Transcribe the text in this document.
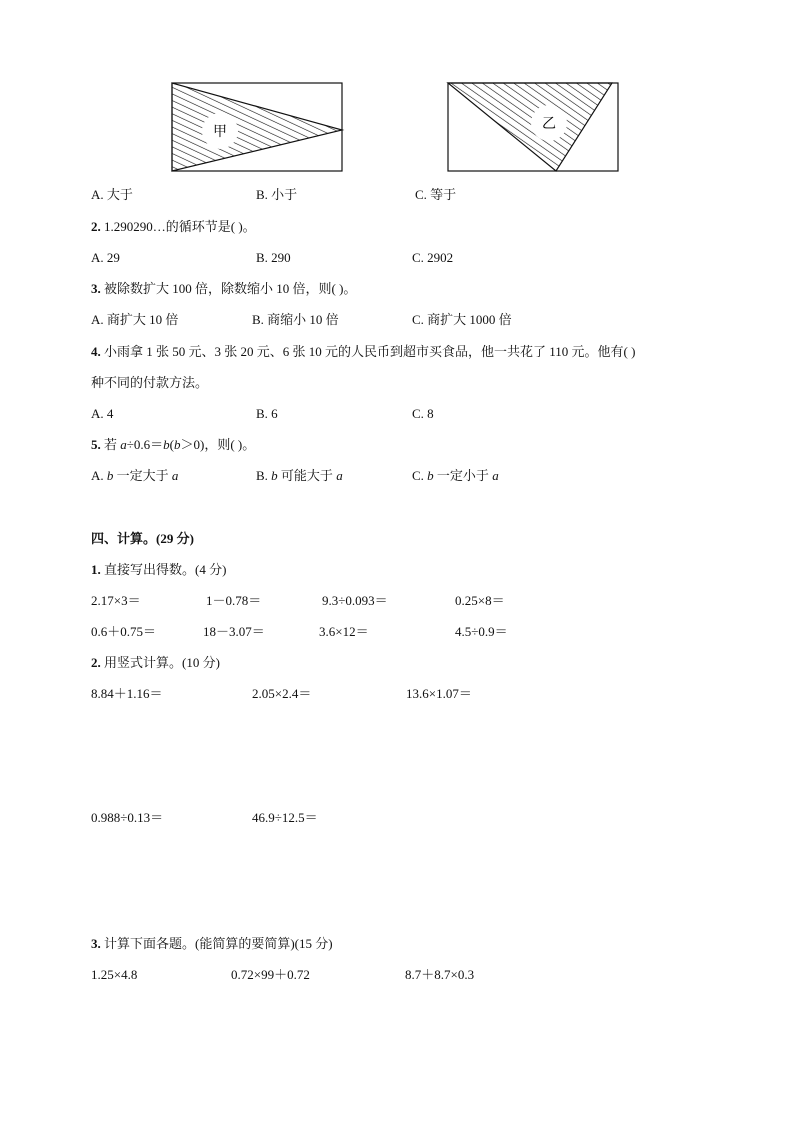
甲	乙
A. 大于	B. 小于	C. 等于
2. 1.290290…的循环节是( )。
A. 29	B. 290	C. 2902
3. 被除数扩大 100 倍，除数缩小 10 倍，则( )。
A. 商扩大 10 倍	B. 商缩小 10 倍	C. 商扩大 1000 倍
4. 小雨拿 1 张 50 元、3 张 20 元、6 张 10 元的人民币到超市买食品，他一共花了 110 元。他有( )
种不同的付款方法。
A. 4	B. 6	C. 8
5. 若 a÷0.6＝b(b＞0)，则( )。
A. b 一定大于 a	B. b 可能大于 a	C. b 一定小于 a
四、计算。(29 分)
1. 直接写出得数。(4 分)
2.17×3＝	1－0.78＝	9.3÷0.093＝	0.25×8＝
0.6＋0.75＝	18－3.07＝	3.6×12＝	4.5÷0.9＝
2. 用竖式计算。(10 分)
8.84＋1.16＝	2.05×2.4＝	13.6×1.07＝
0.988÷0.13＝	46.9÷12.5＝
3. 计算下面各题。(能简算的要简算)(15 分)
1.25×4.8	0.72×99＋0.72	8.7＋8.7×0.3
